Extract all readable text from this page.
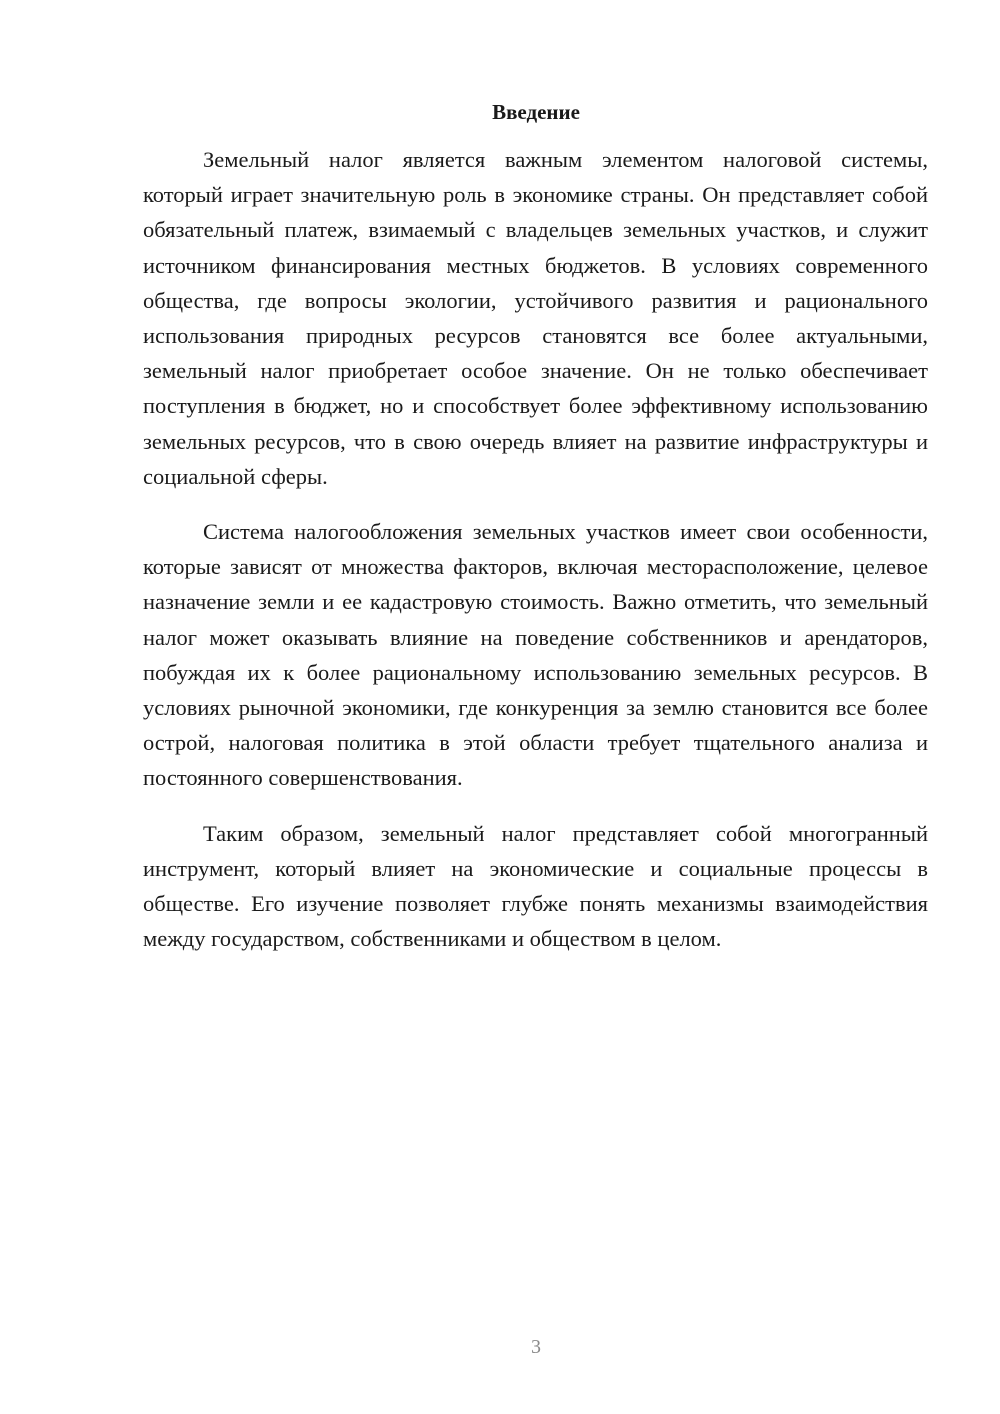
Введение

Земельный налог является важным элементом налоговой системы, который играет значительную роль в экономике страны. Он представляет собой обязательный платеж, взимаемый с владельцев земельных участков, и служит источником финансирования местных бюджетов. В условиях современного общества, где вопросы экологии, устойчивого развития и рационального использования природных ресурсов становятся все более актуальными, земельный налог приобретает особое значение. Он не только обеспечивает поступления в бюджет, но и способствует более эффективному использованию земельных ресурсов, что в свою очередь влияет на развитие инфраструктуры и социальной сферы.

Система налогообложения земельных участков имеет свои особенности, которые зависят от множества факторов, включая месторасположение, целевое назначение земли и ее кадастровую стоимость. Важно отметить, что земельный налог может оказывать влияние на поведение собственников и арендаторов, побуждая их к более рациональному использованию земельных ресурсов. В условиях рыночной экономики, где конкуренция за землю становится все более острой, налоговая политика в этой области требует тщательного анализа и постоянного совершенствования.

Таким образом, земельный налог представляет собой многогранный инструмент, который влияет на экономические и социальные процессы в обществе. Его изучение позволяет глубже понять механизмы взаимодействия между государством, собственниками и обществом в целом.

3
